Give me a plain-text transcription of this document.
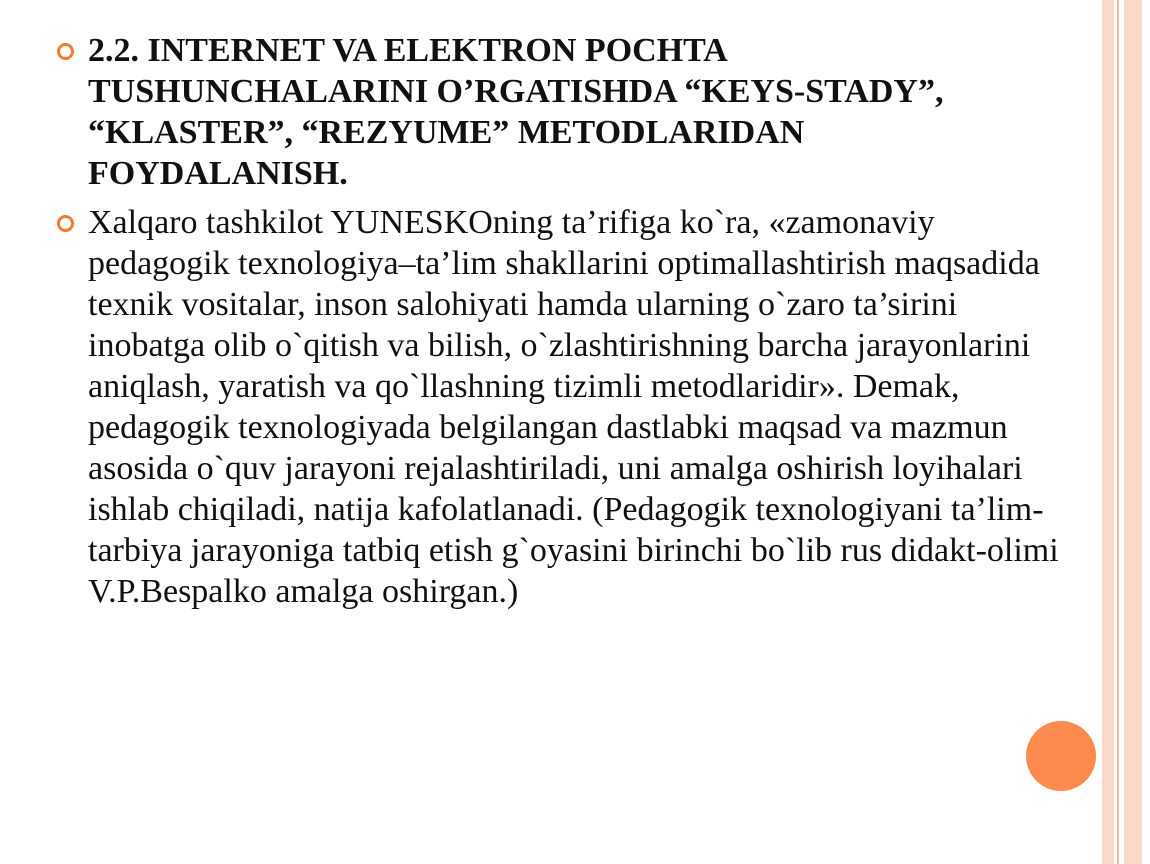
2.2. INTERNET VA ELEKTRON POCHTA TUSHUNCHALARINI O’RGATISHDA “KEYS-STADY”, “KLASTER”, “REZYUME” METODLARIDAN FOYDALANISH.
Xalqaro tashkilot YUNESKOning ta’rifiga ko`ra, «zamonaviy pedagogik texnologiya–ta’lim shakllarini optimallashtirish maqsadida texnik vositalar, inson salohiyati hamda ularning o`zaro ta’sirini inobatga olib o`qitish va bilish, o`zlashtirishning barcha jarayonlarini aniqlash, yaratish va qo`llashning tizimli metodlaridir». Demak, pedagogik texnologiyada belgilangan dastlabki maqsad va mazmun asosida o`quv jarayoni rejalashtiriladi, uni amalga oshirish loyihalari ishlab chiqiladi, natija kafolatlanadi. (Pedagogik texnologiyani ta’lim-tarbiya jarayoniga tatbiq etish g`oyasini birinchi bo`lib rus didakt-olimi V.P.Bespalko amalga oshirgan.)
